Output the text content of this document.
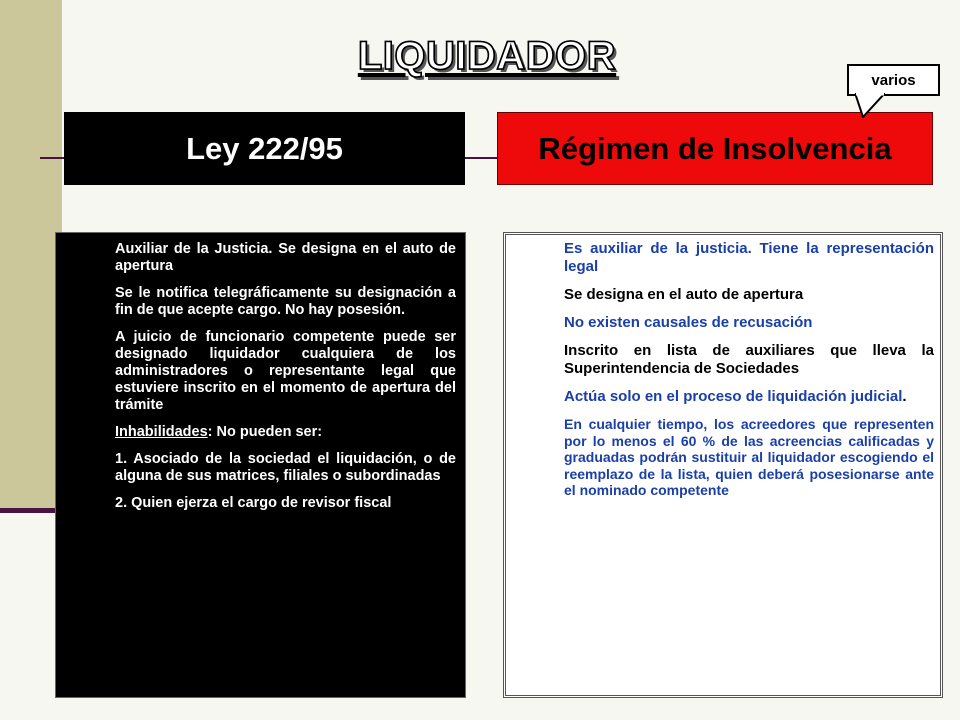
LIQUIDADOR
Ley 222/95	Régimen de Insolvencia
varios
Auxiliar de la Justicia. Se designa en el auto de apertura
Se le notifica telegráficamente su designación a fin de que acepte cargo. No hay posesión.
A juicio de funcionario competente puede ser designado liquidador cualquiera de los administradores o representante legal que estuviere inscrito en el momento de apertura del trámite
Inhabilidades: No pueden ser:
1. Asociado de la sociedad el liquidación, o de alguna de sus matrices, filiales o subordinadas
2. Quien ejerza el cargo de revisor fiscal
Es auxiliar de la justicia. Tiene la representación legal
Se designa en el auto de apertura
No existen causales de recusación
Inscrito en lista de auxiliares que lleva la Superintendencia de Sociedades
Actúa solo en el proceso de liquidación judicial.
En cualquier tiempo, los acreedores que representen por lo menos el 60 % de las acreencias calificadas y graduadas podrán sustituir al liquidador escogiendo el reemplazo de la lista, quien deberá posesionarse ante el nominado competente
